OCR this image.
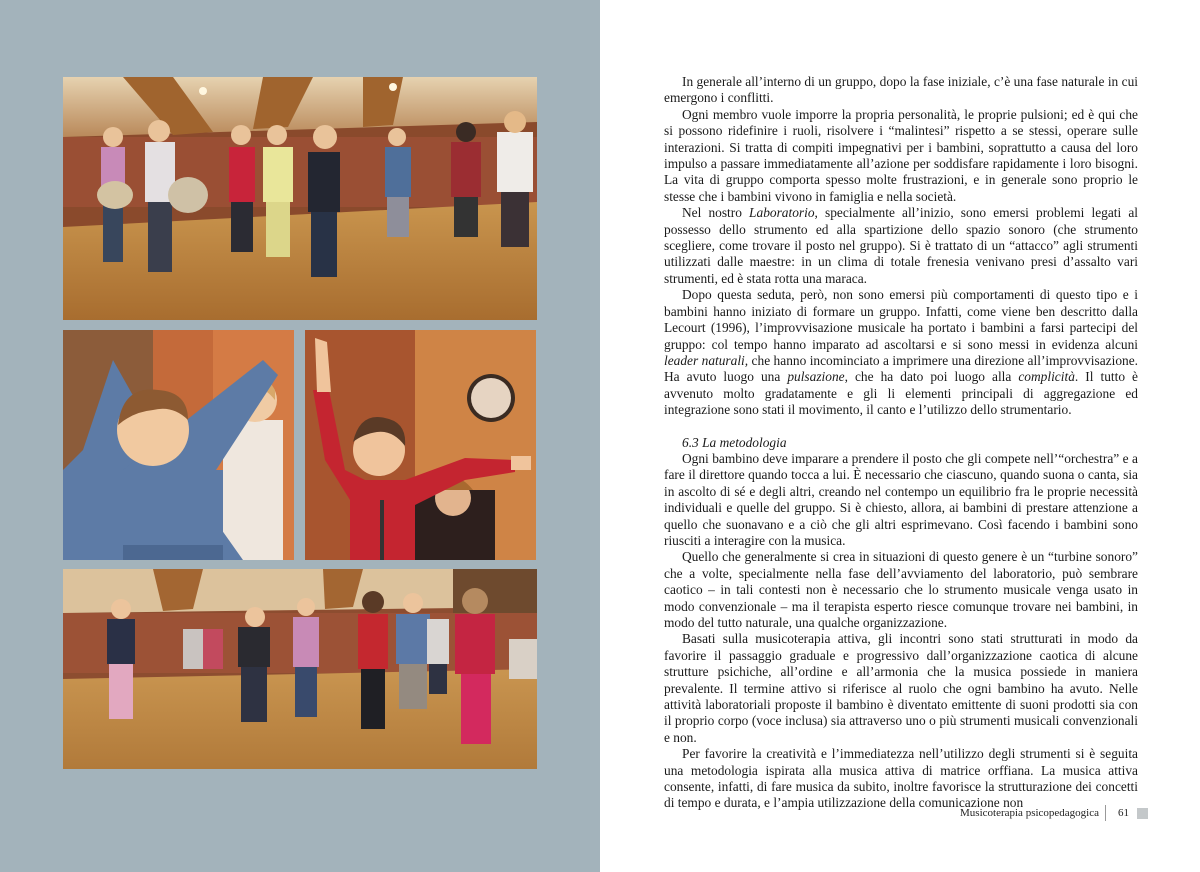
In generale all’interno di un gruppo, dopo la fase iniziale, c’è una fase naturale in cui emergono i conflitti.

Ogni membro vuole imporre la propria personalità, le proprie pulsioni; ed è qui che si possono ridefinire i ruoli, risolvere i “malintesi” rispetto a se stessi, operare sulle interazioni. Si tratta di compiti impegnativi per i bambini, soprattutto a causa del loro impulso a passare immediatamente all’azione per soddisfare rapidamente i loro bisogni. La vita di gruppo comporta spesso molte frustrazioni, e in generale sono proprio le stesse che i bambini vivono in famiglia e nella società.

Nel nostro Laboratorio, specialmente all’inizio, sono emersi problemi legati al possesso dello strumento ed alla spartizione dello spazio sonoro (che strumento scegliere, come trovare il posto nel gruppo). Si è trattato di un “attacco” agli strumenti utilizzati dalle maestre: in un clima di totale frenesia venivano presi d’assalto vari strumenti, ed è stata rotta una maraca.

Dopo questa seduta, però, non sono emersi più comportamenti di questo tipo e i bambini hanno iniziato di formare un gruppo. Infatti, come viene ben descritto dalla Lecourt (1996), l’improvvisazione musicale ha portato i bambini a farsi partecipi del gruppo: col tempo hanno imparato ad ascoltarsi e si sono messi in evidenza alcuni leader naturali, che hanno incominciato a imprimere una direzione all’improvvisazione. Ha avuto luogo una pulsazione, che ha dato poi luogo alla complicità. Il tutto è avvenuto molto gradatamente e gli li elementi principali di aggregazione ed integrazione sono stati il movimento, il canto e l’utilizzo dello strumentario.

6.3 La metodologia

Ogni bambino deve imparare a prendere il posto che gli compete nell’“orchestra” e a fare il direttore quando tocca a lui. È necessario che ciascuno, quando suona o canta, sia in ascolto di sé e degli altri, creando nel contempo un equilibrio fra le proprie necessità individuali e quelle del gruppo. Si è chiesto, allora, ai bambini di prestare attenzione a quello che suonavano e a ciò che gli altri esprimevano. Così facendo i bambini sono riusciti a interagire con la musica.

Quello che generalmente si crea in situazioni di questo genere è un “turbine sonoro” che a volte, specialmente nella fase dell’avviamento del laboratorio, può sembrare caotico – in tali contesti non è necessario che lo strumento musicale venga usato in modo convenzionale – ma il terapista esperto riesce comunque trovare nei bambini, in modo del tutto naturale, una qualche organizzazione.

Basati sulla musicoterapia attiva, gli incontri sono stati strutturati in modo da favorire il passaggio graduale e progressivo dall’organizzazione caotica di alcune strutture psichiche, all’ordine e all’armonia che la musica possiede in maniera prevalente. Il termine attivo si riferisce al ruolo che ogni bambino ha avuto. Nelle attività laboratoriali proposte il bambino è diventato emittente di suoni prodotti sia con il proprio corpo (voce inclusa) sia attraverso uno o più strumenti musicali convenzionali e non.

Per favorire la creatività e l’immediatezza nell’utilizzo degli strumenti si è seguita una metodologia ispirata alla musica attiva di matrice orffiana. La musica attiva consente, infatti, di fare musica da subito, inoltre favorisce la strutturazione dei concetti di tempo e durata, e l’ampia utilizzazione della comunicazione non

Musicoterapia psicopedagogica 61
